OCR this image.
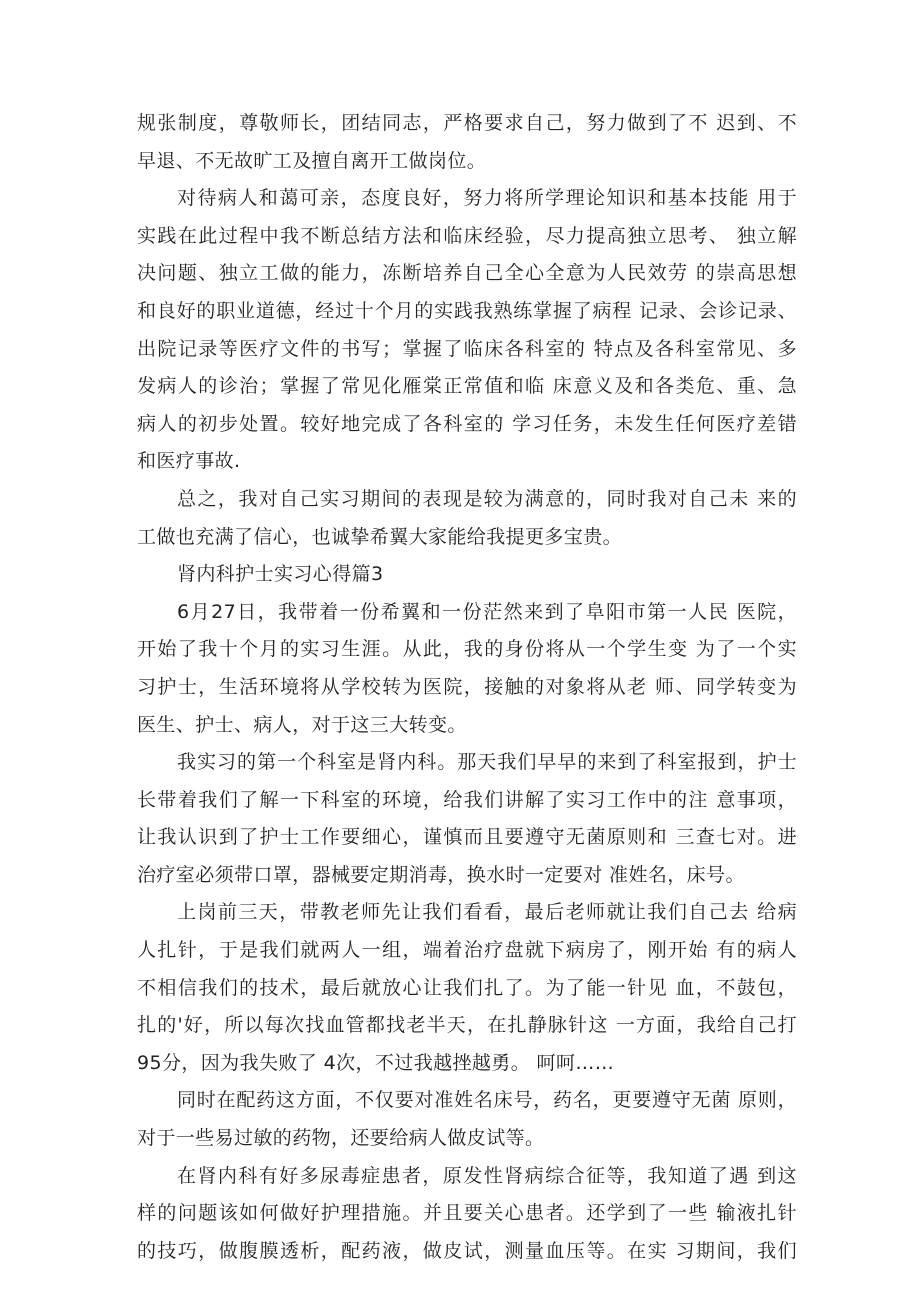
规张制度，尊敬师长，团结同志，严格要求自己，努力做到了不 迟到、不
早退、不无故旷工及擅自离开工做岗位。
对待病人和蔼可亲，态度良好，努力将所学理论知识和基本技能 用于
实践在此过程中我不断总结方法和临床经验，尽力提高独立思考、 独立解
决问题、独立工做的能力，冻断培养自己全心全意为人民效劳 的崇高思想
和良好的职业道德，经过十个月的实践我熟练掌握了病程 记录、会诊记录、
出院记录等医疗文件的书写；掌握了临床各科室的 特点及各科室常见、多
发病人的诊治；掌握了常见化雁棠正常值和临 床意义及和各类危、重、急
病人的初步处置。较好地完成了各科室的 学习任务，未发生任何医疗差错
和医疗事故.
总之，我对自己实习期间的表现是较为满意的，同时我对自己未 来的
工做也充满了信心，也诚挚希翼大家能给我提更多宝贵。
肾内科护士实习心得篇3
6月27日，我带着一份希翼和一份茫然来到了阜阳市第一人民 医院，
开始了我十个月的实习生涯。从此，我的身份将从一个学生变 为了一个实
习护士，生活环境将从学校转为医院，接触的对象将从老 师、同学转变为
医生、护士、病人，对于这三大转变。
我实习的第一个科室是肾内科。那天我们早早的来到了科室报到，护士
长带着我们了解一下科室的环境，给我们讲解了实习工作中的注 意事项，
让我认识到了护士工作要细心，谨慎而且要遵守无菌原则和 三查七对。进
治疗室必须带口罩，器械要定期消毒，换水时一定要对 准姓名，床号。
上岗前三天，带教老师先让我们看看，最后老师就让我们自己去 给病
人扎针，于是我们就两人一组，端着治疗盘就下病房了，刚开始 有的病人
不相信我们的技术，最后就放心让我们扎了。为了能一针见 血，不鼓包，
扎的'好，所以每次找血管都找老半天，在扎静脉针这 一方面，我给自己打
95分，因为我失败了 4次，不过我越挫越勇。 呵呵……
同时在配药这方面，不仅要对准姓名床号，药名，更要遵守无菌 原则，
对于一些易过敏的药物，还要给病人做皮试等。
在肾内科有好多尿毒症患者，原发性肾病综合征等，我知道了遇 到这
样的问题该如何做好护理措施。并且要关心患者。还学到了一些 输液扎针
的技巧，做腹膜透析，配药液，做皮试，测量血压等。在实 习期间，我们
